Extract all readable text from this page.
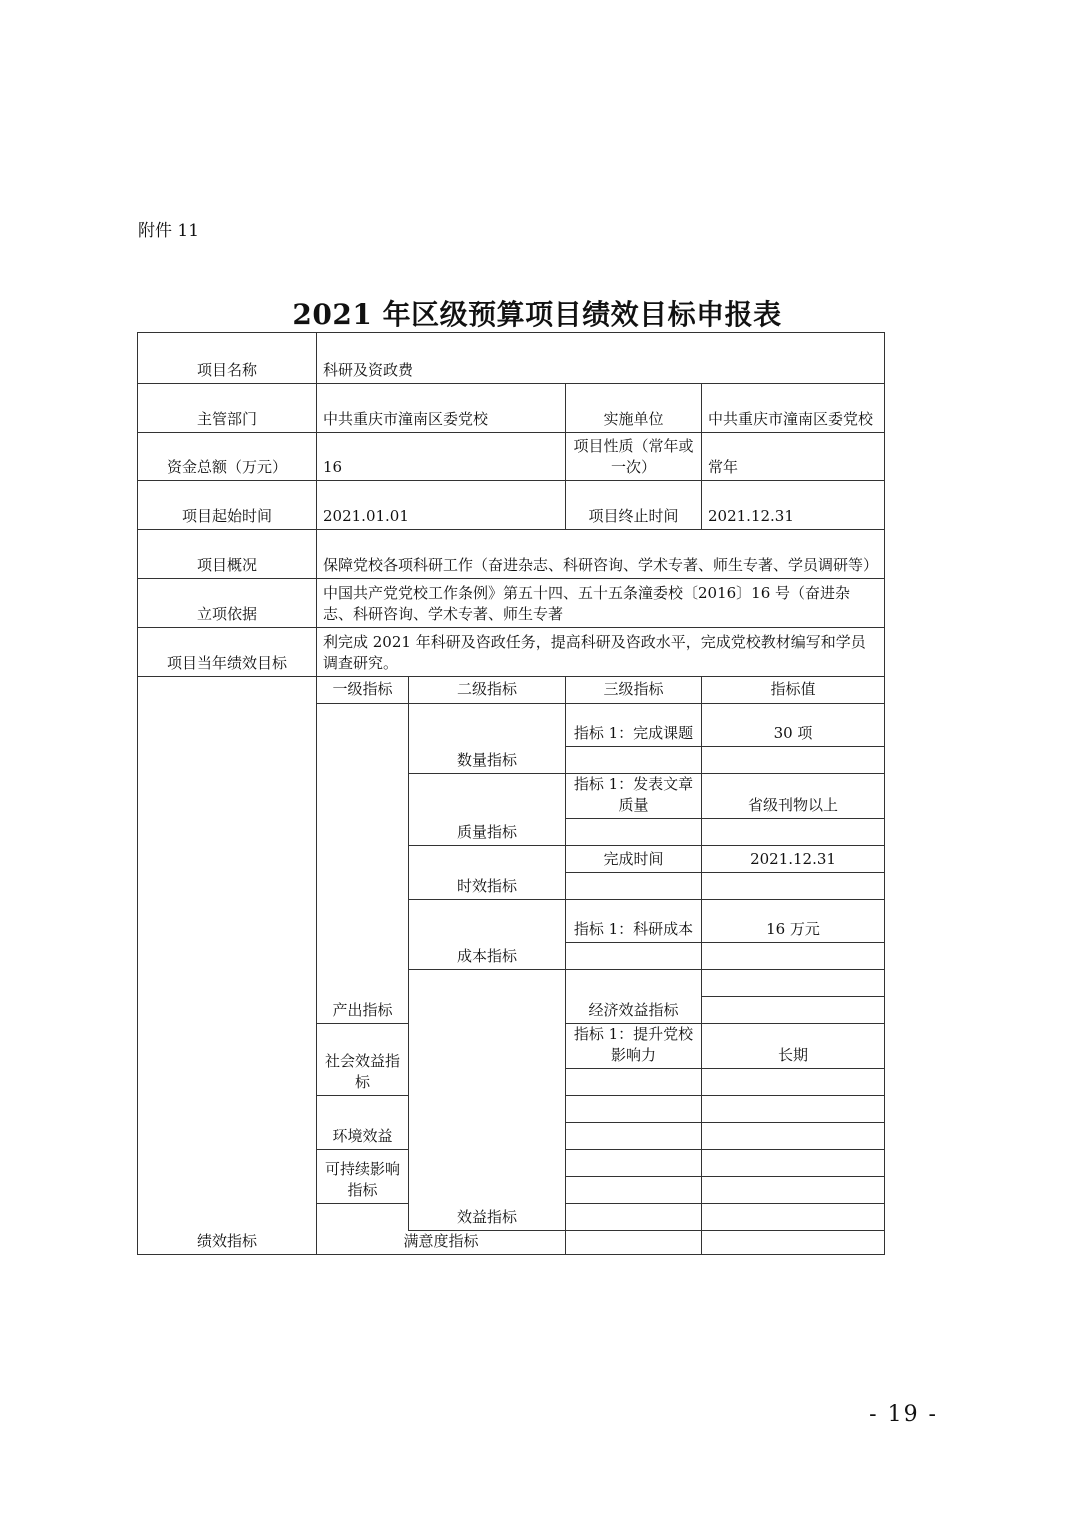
附件 11
2021 年区级预算项目绩效目标申报表
项目名称	科研及资政费				
主管部门	中共重庆市潼南区委党校		实施单位	中共重庆市潼南区委党校	
资金总额（万元）	16		项目性质（常年或一次）	常年	
项目起始时间	2021.01.01		项目终止时间	2021.12.31	
项目概况	保障党校各项科研工作（奋进杂志、科研咨询、学术专著、师生专著、学员调研等）				
立项依据	中国共产党党校工作条例》第五十四、五十五条潼委校〔2016〕16 号（奋进杂志、科研咨询、学术专著、师生专著				
项目当年绩效目标	利完成 2021 年科研及咨政任务，提高科研及咨政水平，完成党校教材编写和学员调查研究。				
绩效指标	一级指标	二级指标	三级指标	指标值	
	产出指标	数量指标	指标 1：完成课题	30 项	

		质量指标	指标 1：发表文章质量	省级刊物以上	

		时效指标	完成时间	2021.12.31	

		成本指标	指标 1：科研成本	16 万元	

		效益指标	经济效益指标		

	社会效益指标		指标 1：提升党校影响力	长期	

	环境效益				

	可持续影响指标				

	满意度指标				

- 19 -
